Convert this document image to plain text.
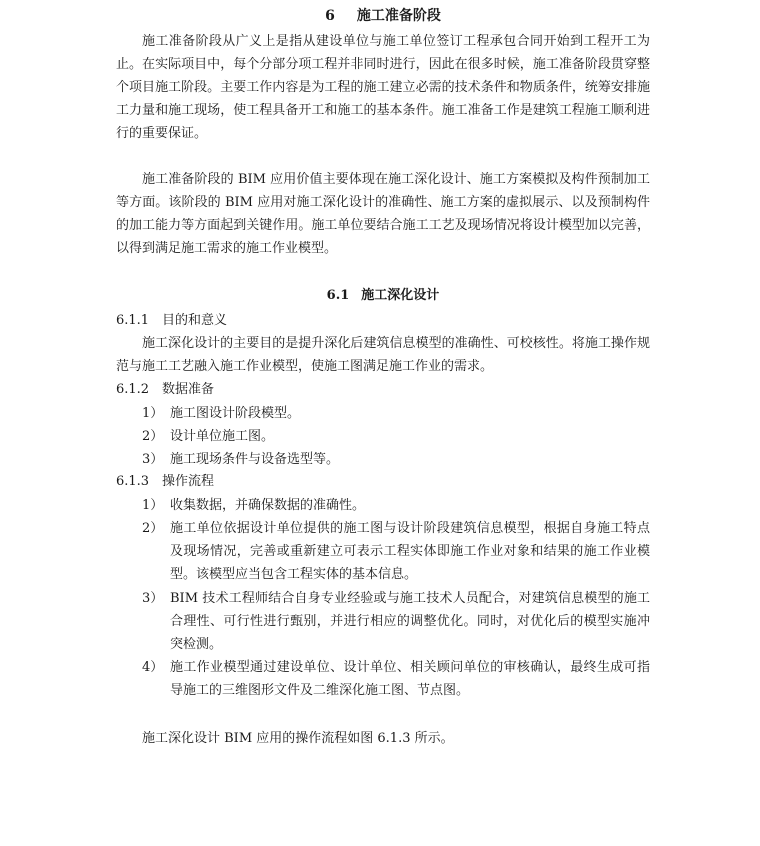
6 施工准备阶段
施工准备阶段从广义上是指从建设单位与施工单位签订工程承包合同开始到工程开工为止。在实际项目中，每个分部分项工程并非同时进行，因此在很多时候，施工准备阶段贯穿整个项目施工阶段。主要工作内容是为工程的施工建立必需的技术条件和物质条件，统筹安排施工力量和施工现场，使工程具备开工和施工的基本条件。施工准备工作是建筑工程施工顺利进行的重要保证。
施工准备阶段的 BIM 应用价值主要体现在施工深化设计、施工方案模拟及构件预制加工等方面。该阶段的 BIM 应用对施工深化设计的准确性、施工方案的虚拟展示、以及预制构件的加工能力等方面起到关键作用。施工单位要结合施工工艺及现场情况将设计模型加以完善，以得到满足施工需求的施工作业模型。
6.1 施工深化设计
6.1.1 目的和意义
施工深化设计的主要目的是提升深化后建筑信息模型的准确性、可校核性。将施工操作规范与施工工艺融入施工作业模型，使施工图满足施工作业的需求。
6.1.2 数据准备
1） 施工图设计阶段模型。
2） 设计单位施工图。
3） 施工现场条件与设备选型等。
6.1.3 操作流程
1） 收集数据，并确保数据的准确性。
2） 施工单位依据设计单位提供的施工图与设计阶段建筑信息模型，根据自身施工特点及现场情况，完善或重新建立可表示工程实体即施工作业对象和结果的施工作业模型。该模型应当包含工程实体的基本信息。
3） BIM 技术工程师结合自身专业经验或与施工技术人员配合，对建筑信息模型的施工合理性、可行性进行甄别，并进行相应的调整优化。同时，对优化后的模型实施冲突检测。
4） 施工作业模型通过建设单位、设计单位、相关顾问单位的审核确认，最终生成可指导施工的三维图形文件及二维深化施工图、节点图。
施工深化设计 BIM 应用的操作流程如图 6.1.3 所示。
